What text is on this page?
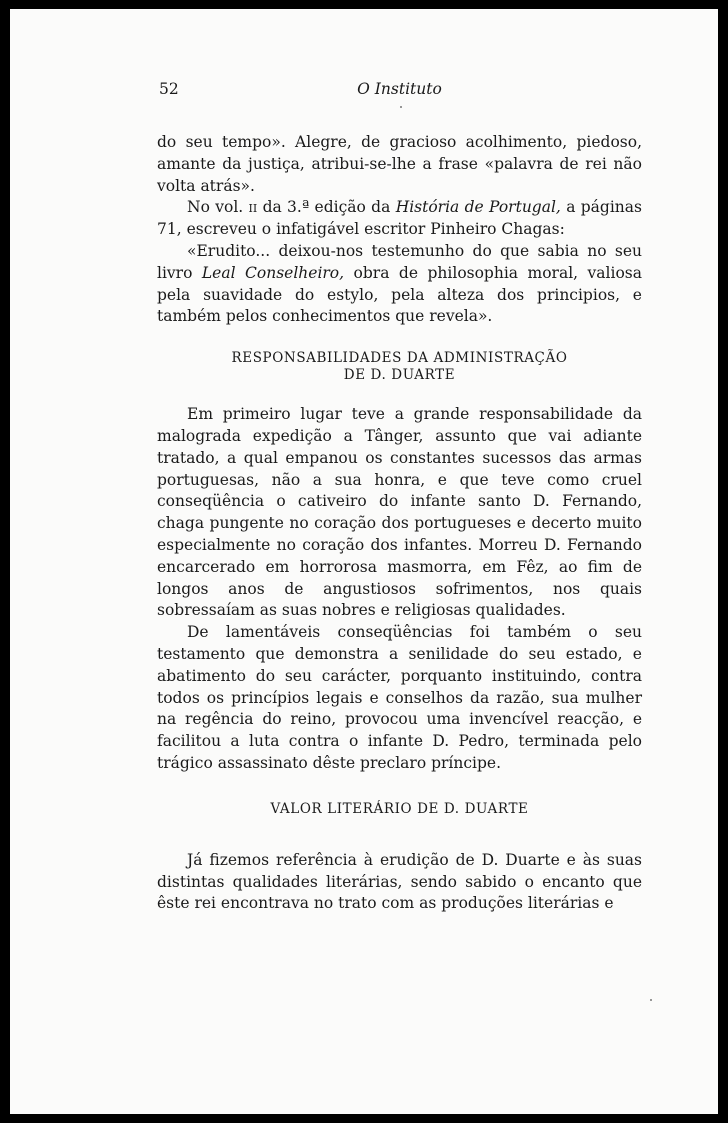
52	O Instituto

do seu tempo». Alegre, de gracioso acolhimento, piedoso, amante da justiça, atribui-se-lhe a frase «palavra de rei não volta atrás».

No vol. ii da 3.ª edição da História de Portugal, a páginas 71, escreveu o infatigável escritor Pinheiro Chagas:

«Erudito... deixou-nos testemunho do que sabia no seu livro Leal Conselheiro, obra de philosophia moral, valiosa pela suavidade do estylo, pela alteza dos principios, e também pelos conhecimentos que revela».

RESPONSABILIDADES DA ADMINISTRAÇÃO
DE D. DUARTE

Em primeiro lugar teve a grande responsabilidade da malograda expedição a Tânger, assunto que vai adiante tratado, a qual empanou os constantes sucessos das armas portuguesas, não a sua honra, e que teve como cruel conseqüência o cativeiro do infante santo D. Fernando, chaga pungente no coração dos portugueses e decerto muito especialmente no coração dos infantes. Morreu D. Fernando encarcerado em horrorosa masmorra, em Fêz, ao fim de longos anos de angustiosos sofrimentos, nos quais sobressaíam as suas nobres e religiosas qualidades.

De lamentáveis conseqüências foi também o seu testamento que demonstra a senilidade do seu estado, e abatimento do seu carácter, porquanto instituindo, contra todos os princípios legais e conselhos da razão, sua mulher na regência do reino, provocou uma invencível reacção, e facilitou a luta contra o infante D. Pedro, terminada pelo trágico assassinato dêste preclaro príncipe.

VALOR LITERÁRIO DE D. DUARTE

Já fizemos referência à erudição de D. Duarte e às suas distintas qualidades literárias, sendo sabido o encanto que êste rei encontrava no trato com as produções literárias e
